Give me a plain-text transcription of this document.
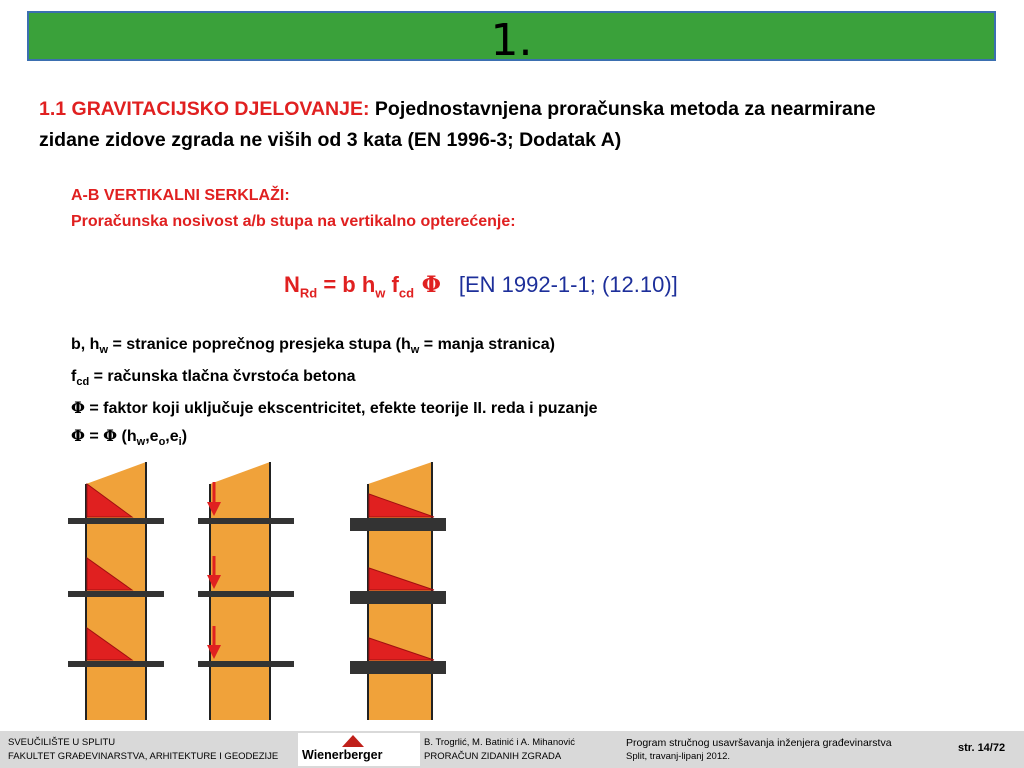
1.
1.1 GRAVITACIJSKO DJELOVANJE: Pojednostavnjena proračunska metoda za nearmirane
zidane zidove zgrada ne viših od 3 kata (EN 1996-3; Dodatak A)
A-B VERTIKALNI SERKLAŽI:
Proračunska nosivost a/b stupa na vertikalno opterećenje:
$N_{Rd} = b$ $h_w$ $f_{cd}$ Φ [EN 1992-1-1; (12.10)]
b, $h_w$ = stranice poprečnog presjeka stupa ($h_w$ = manja stranica)
$f_{cd}$ = računska tlačna čvrstoća betona
Φ = faktor koji uključuje ekscentricitet, efekte teorije II. reda i puzanje
Φ = Φ $(h_w,e_o,e_i)$
SVEUČILIŠTE U SPLITU
FAKULTET GRAĐEVINARSTVA, ARHITEKTURE I GEODEZIJE Wienerberger
B. Trogrlić, M. Batinić i A. Mihanović
PRORAČUN ZIDANIH ZGRADA
Program stručnog usavršavanja inženjera građevinarstva
Split, travanj-lipanj 2012.
str. 14/72
